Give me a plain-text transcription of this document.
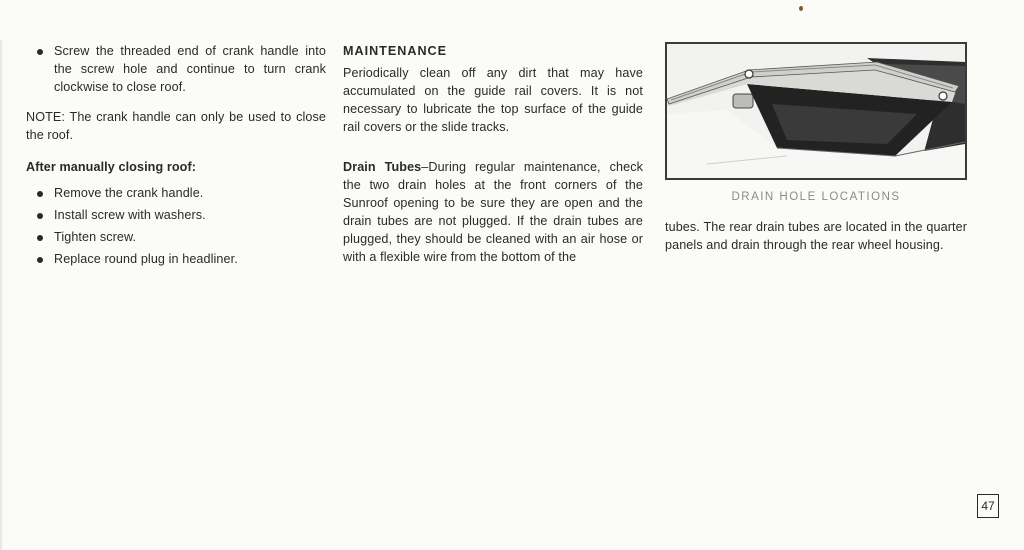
Screw the threaded end of crank handle into the screw hole and continue to turn crank clockwise to close roof.

NOTE: The crank handle can only be used to close the roof.

After manually closing roof:
Remove the crank handle.
Install screw with washers.
Tighten screw.
Replace round plug in headliner.
MAINTENANCE

Periodically clean off any dirt that may have accumulated on the guide rail covers. It is not necessary to lubricate the top surface of the guide rail covers or the slide tracks.

Drain Tubes–During regular maintenance, check the two drain holes at the front corners of the Sunroof opening to be sure they are open and the drain tubes are not plugged. If the drain tubes are plugged, they should be cleaned with an air hose or with a flexible wire from the bottom of the

DRAIN HOLE LOCATIONS

tubes. The rear drain tubes are located in the quarter panels and drain through the rear wheel housing.

47
